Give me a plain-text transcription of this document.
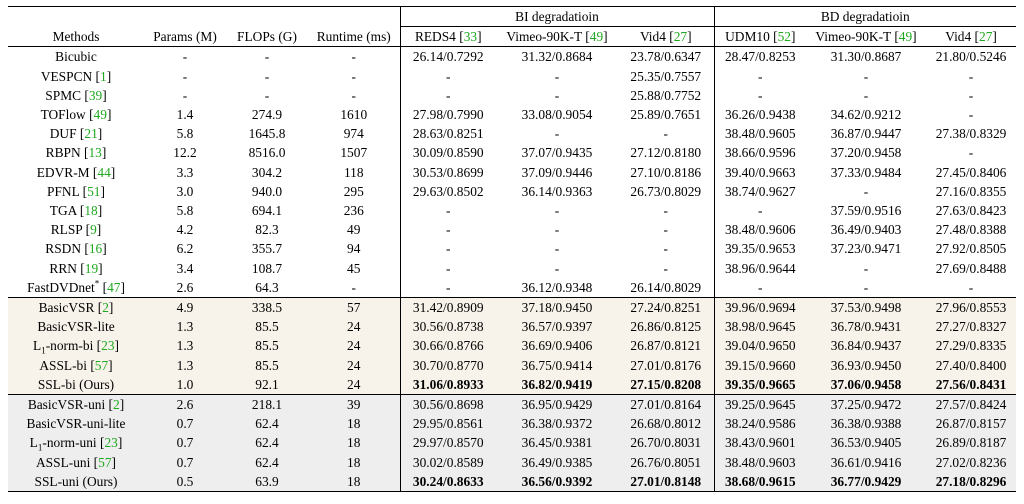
				BI degradatioin			BD degradatioin		
Methods	Params (M)	FLOPs (G)	Runtime (ms)	REDS4 [33]	Vimeo-90K-T [49]	Vid4 [27]	UDM10 [52]	Vimeo-90K-T [49]	Vid4 [27]
Bicubic	-	-	-	26.14/0.7292	31.32/0.8684	23.78/0.6347	28.47/0.8253	31.30/0.8687	21.80/0.5246
VESPCN [1]	-	-	-	-	-	25.35/0.7557	-	-	-
SPMC [39]	-	-	-	-	-	25.88/0.7752	-	-	-
TOFlow [49]	1.4	274.9	1610	27.98/0.7990	33.08/0.9054	25.89/0.7651	36.26/0.9438	34.62/0.9212	-
DUF [21]	5.8	1645.8	974	28.63/0.8251	-	-	38.48/0.9605	36.87/0.9447	27.38/0.8329
RBPN [13]	12.2	8516.0	1507	30.09/0.8590	37.07/0.9435	27.12/0.8180	38.66/0.9596	37.20/0.9458	-
EDVR-M [44]	3.3	304.2	118	30.53/0.8699	37.09/0.9446	27.10/0.8186	39.40/0.9663	37.33/0.9484	27.45/0.8406
PFNL [51]	3.0	940.0	295	29.63/0.8502	36.14/0.9363	26.73/0.8029	38.74/0.9627	-	27.16/0.8355
TGA [18]	5.8	694.1	236	-	-	-	-	37.59/0.9516	27.63/0.8423
RLSP [9]	4.2	82.3	49	-	-	-	38.48/0.9606	36.49/0.9403	27.48/0.8388
RSDN [16]	6.2	355.7	94	-	-	-	39.35/0.9653	37.23/0.9471	27.92/0.8505
RRN [19]	3.4	108.7	45	-	-	-	38.96/0.9644	-	27.69/0.8488
FastDVDnet* [47]	2.6	64.3	-	-	36.12/0.9348	26.14/0.8029	-	-	-
BasicVSR [2]	4.9	338.5	57	31.42/0.8909	37.18/0.9450	27.24/0.8251	39.96/0.9694	37.53/0.9498	27.96/0.8553
BasicVSR-lite	1.3	85.5	24	30.56/0.8738	36.57/0.9397	26.86/0.8125	38.98/0.9645	36.78/0.9431	27.27/0.8327
$L_1-norm-bi$ [23]	1.3	85.5	24	30.66/0.8766	36.69/0.9406	26.87/0.8121	39.04/0.9650	36.84/0.9437	27.29/0.8335
ASSL-bi [57]	1.3	85.5	24	30.70/0.8770	36.75/0.9414	27.01/0.8176	39.15/0.9660	36.93/0.9450	27.40/0.8400
SSL-bi (Ours)	1.0	92.1	24	31.06/0.8933	36.82/0.9419	27.15/0.8208	39.35/0.9665	37.06/0.9458	27.56/0.8431
BasicVSR-uni [2]	2.6	218.1	39	30.56/0.8698	36.95/0.9429	27.01/0.8164	39.25/0.9645	37.25/0.9472	27.57/0.8424
BasicVSR-uni-lite	0.7	62.4	18	29.95/0.8561	36.38/0.9372	26.68/0.8012	38.24/0.9586	36.38/0.9388	26.87/0.8157
$L_1-norm$-uni [23]	0.7	62.4	18	29.97/0.8570	36.45/0.9381	26.70/0.8031	38.43/0.9601	36.53/0.9405	26.89/0.8187
ASSL-uni [57]	0.7	62.4	18	30.02/0.8589	36.49/0.9385	26.76/0.8051	38.48/0.9603	36.61/0.9416	27.02/0.8236
SSL-uni (Ours)	0.5	63.9	18	30.24/0.8633	36.56/0.9392	27.01/0.8148	38.68/0.9615	36.77/0.9429	27.18/0.8296
